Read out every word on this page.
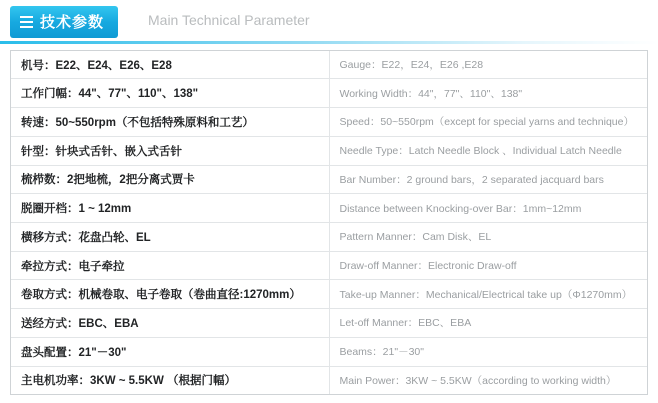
技术参数	Main Technical Parameter
机号：E22、E24、E26、E28	Gauge：E22，E24，E26 ,E28
工作门幅：44"、77"、110"、138"	Working Width：44"，77"、110"、138"
转速：50~550rpm（不包括特殊原料和工艺）	Speed：50~550rpm（except for special yarns and technique）
针型：针块式舌针、嵌入式舌针	Needle Type：Latch Needle Block 、Individual Latch Needle
梳栉数：2把地梳，2把分离式贾卡	Bar Number：2 ground bars，2 separated jacquard bars
脱圈开档：1 ~ 12mm	Distance between Knocking-over Bar：1mm~12mm
横移方式：花盘凸轮、EL	Pattern Manner：Cam Disk、EL
牵拉方式：电子牵拉	Draw-off Manner：Electronic Draw-off
卷取方式：机械卷取、电子卷取（卷曲直径:1270mm）	Take-up Manner：Mechanical/Electrical take up（Φ1270mm）
送经方式：EBC、EBA	Let-off Manner：EBC、EBA
盘头配置：21"－30"	Beams：21"－30"
主电机功率：3KW ~ 5.5KW （根据门幅）	Main Power：3KW ~ 5.5KW（according to working width）
